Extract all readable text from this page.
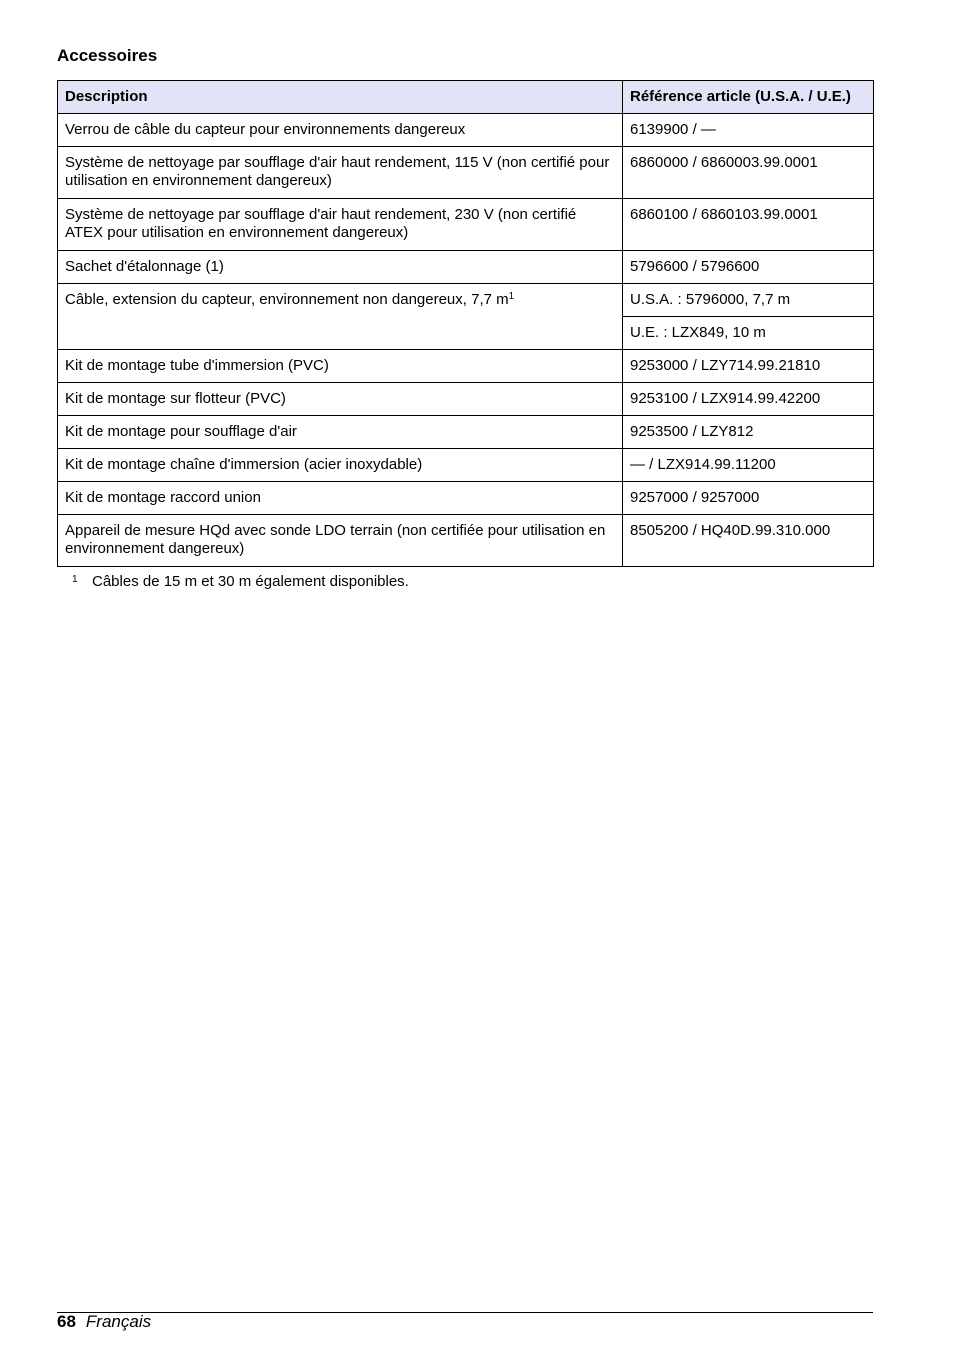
Accessoires
Description	Référence article (U.S.A. / U.E.)
Verrou de câble du capteur pour environnements dangereux	6139900 / —
Système de nettoyage par soufflage d'air haut rendement, 115 V (non certifié pour utilisation en environnement dangereux)	6860000 / 6860003.99.0001
Système de nettoyage par soufflage d'air haut rendement, 230 V (non certifié ATEX pour utilisation en environnement dangereux)	6860100 / 6860103.99.0001
Sachet d'étalonnage (1)	5796600 / 5796600
Câble, extension du capteur, environnement non dangereux, 7,7 $m^1$	U.S.A. : 5796000, 7,7 m
	U.E. : LZX849, 10 m
Kit de montage tube d'immersion (PVC)	9253000 / LZY714.99.21810
Kit de montage sur flotteur (PVC)	9253100 / LZX914.99.42200
Kit de montage pour soufflage d'air	9253500 / LZY812
Kit de montage chaîne d'immersion (acier inoxydable)	— / LZX914.99.11200
Kit de montage raccord union	9257000 / 9257000
Appareil de mesure HQd avec sonde LDO terrain (non certifiée pour utilisation en environnement dangereux)	8505200 / HQ40D.99.310.000
1 Câbles de 15 m et 30 m également disponibles.
68 Français
